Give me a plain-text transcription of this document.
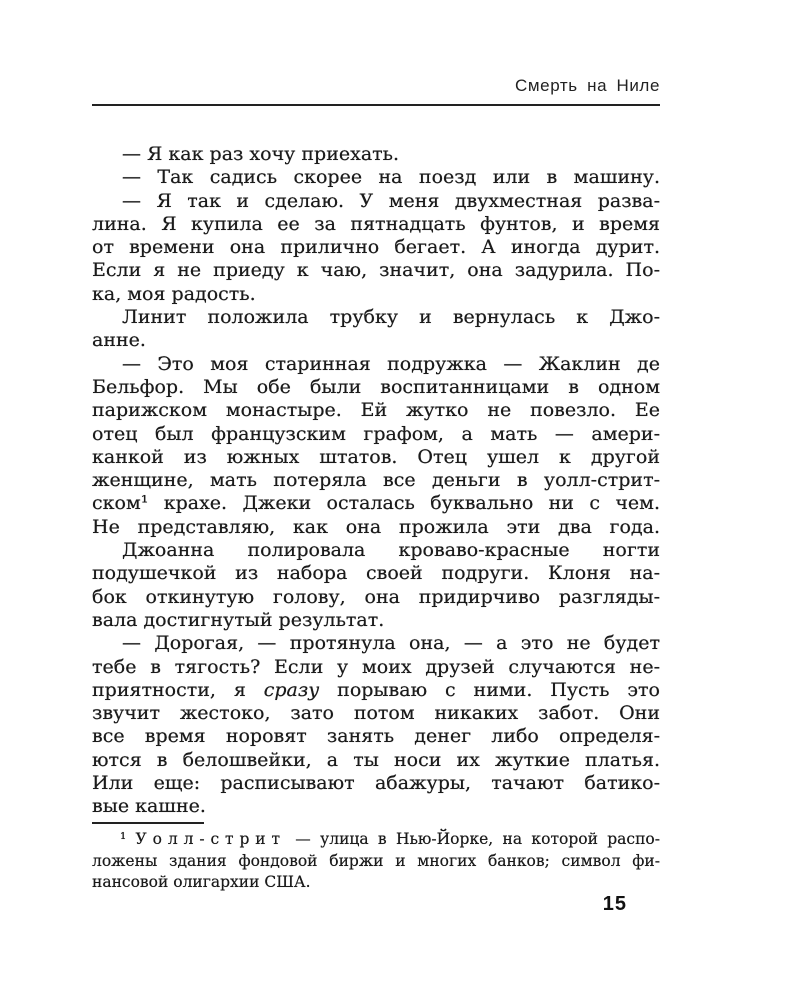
Смерть на Ниле
— Я как раз хочу приехать.
— Так садись скорее на поезд или в машину.
— Я так и сделаю. У меня двухместная разва-
лина. Я купила ее за пятнадцать фунтов, и время
от времени она прилично бегает. А иногда дурит.
Если я не приеду к чаю, значит, она задурила. По-
ка, моя радость.
Линит положила трубку и вернулась к Джо-
анне.
— Это моя старинная подружка — Жаклин де
Бельфор. Мы обе были воспитанницами в одном
парижском монастыре. Ей жутко не повезло. Ее
отец был французским графом, а мать — амери-
канкой из южных штатов. Отец ушел к другой
женщине, мать потеряла все деньги в уолл-стрит-
ском¹ крахе. Джеки осталась буквально ни с чем.
Не представляю, как она прожила эти два года.
Джоанна полировала кроваво-красные ногти
подушечкой из набора своей подруги. Клоня на-
бок откинутую голову, она придирчиво разгляды-
вала достигнутый результат.
— Дорогая, — протянула она, — а это не будет
тебе в тягость? Если у моих друзей случаются не-
приятности, я сразу порываю с ними. Пусть это
звучит жестоко, зато потом никаких забот. Они
все время норовят занять денег либо определя-
ются в белошвейки, а ты носи их жуткие платья.
Или еще: расписывают абажуры, тачают батико-
вые кашне.
¹ Уолл-стрит — улица в Нью-Йорке, на которой распо-
ложены здания фондовой биржи и многих банков; символ фи-
нансовой олигархии США.
15
